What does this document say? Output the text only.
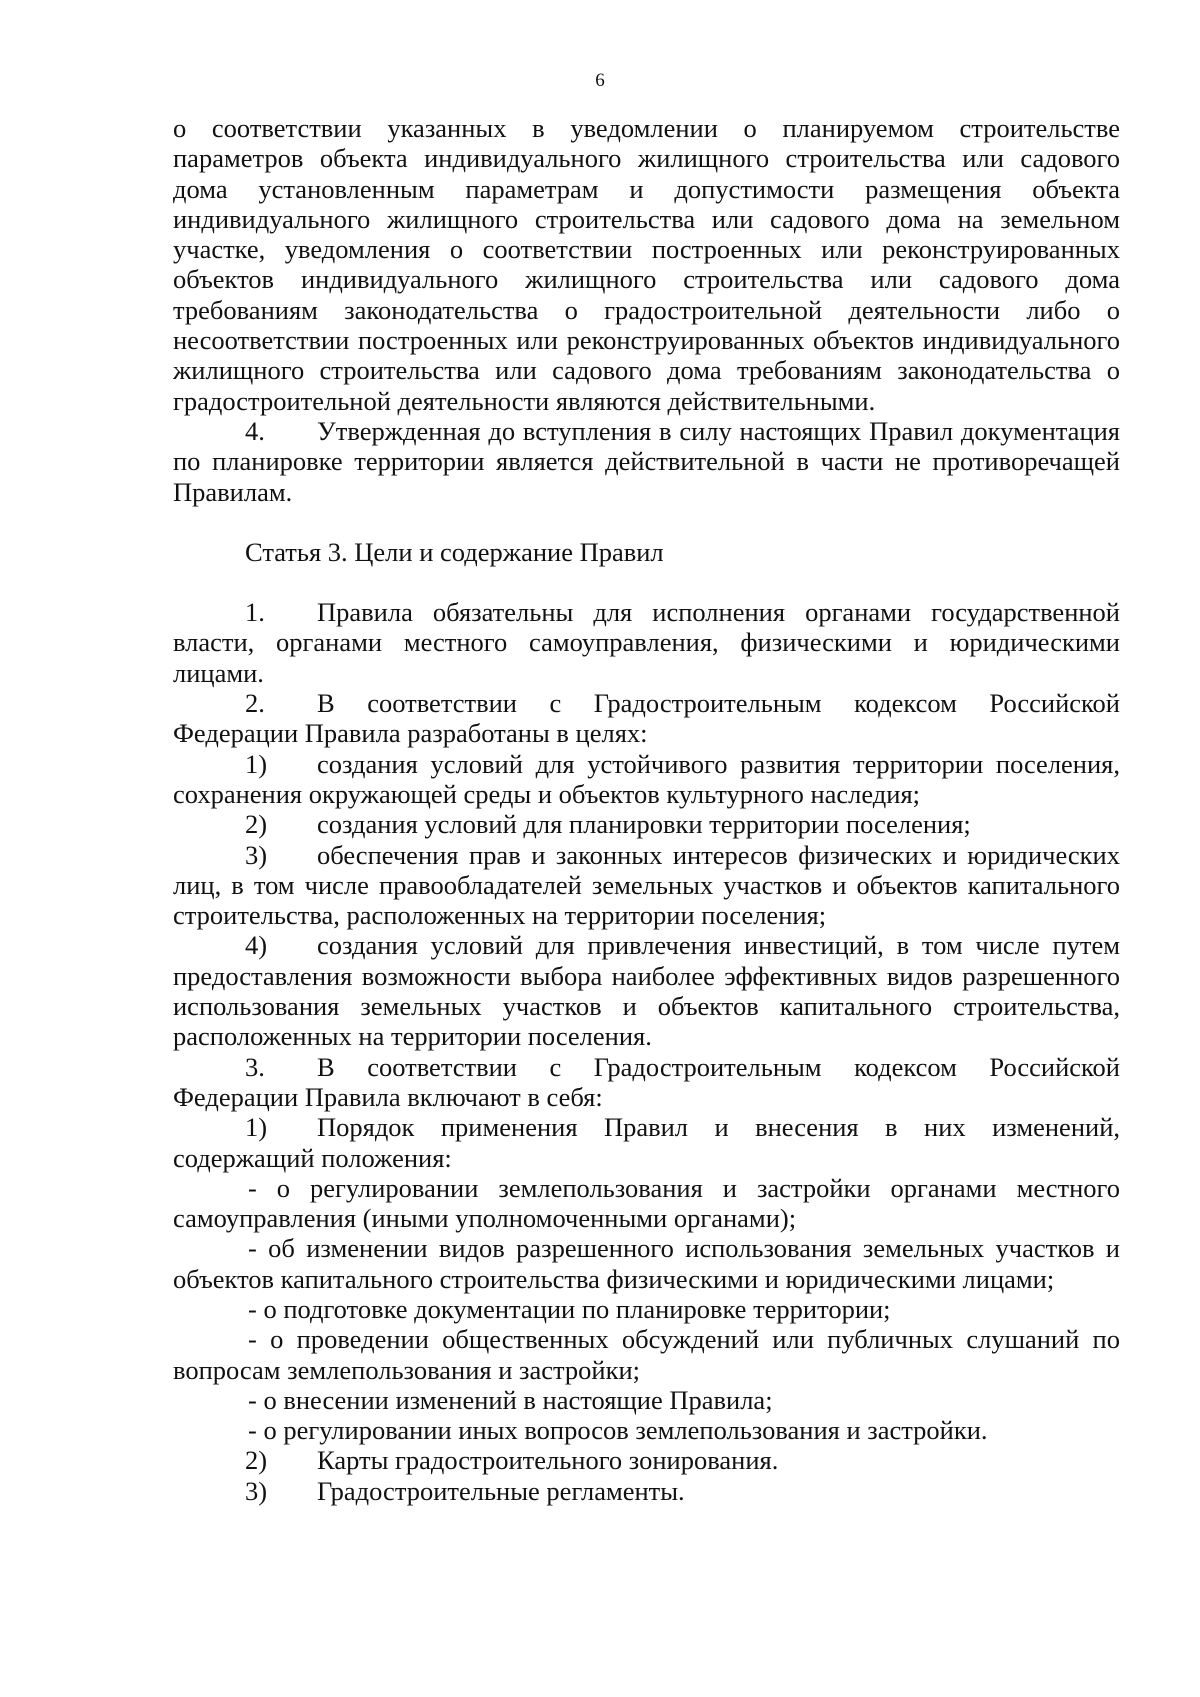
6

о соответствии указанных в уведомлении о планируемом строительстве параметров объекта индивидуального жилищного строительства или садового дома установленным параметрам и допустимости размещения объекта индивидуального жилищного строительства или садового дома на земельном участке, уведомления о соответствии построенных или реконструированных объектов индивидуального жилищного строительства или садового дома требованиям законодательства о градостроительной деятельности либо о несоответствии построенных или реконструированных объектов индивидуального жилищного строительства или садового дома требованиям законодательства о градостроительной деятельности являются действительными.

4. Утвержденная до вступления в силу настоящих Правил документация по планировке территории является действительной в части не противоречащей Правилам.

Статья 3. Цели и содержание Правил

1. Правила обязательны для исполнения органами государственной власти, органами местного самоуправления, физическими и юридическими лицами.

2. В соответствии с Градостроительным кодексом Российской Федерации Правила разработаны в целях:

1) создания условий для устойчивого развития территории поселения, сохранения окружающей среды и объектов культурного наследия;

2) создания условий для планировки территории поселения;

3) обеспечения прав и законных интересов физических и юридических лиц, в том числе правообладателей земельных участков и объектов капитального строительства, расположенных на территории поселения;

4) создания условий для привлечения инвестиций, в том числе путем предоставления возможности выбора наиболее эффективных видов разрешенного использования земельных участков и объектов капитального строительства, расположенных на территории поселения.

3. В соответствии с Градостроительным кодексом Российской Федерации Правила включают в себя:

1) Порядок применения Правил и внесения в них изменений, содержащий положения:

- о регулировании землепользования и застройки органами местного самоуправления (иными уполномоченными органами);

- об изменении видов разрешенного использования земельных участков и объектов капитального строительства физическими и юридическими лицами;

- о подготовке документации по планировке территории;

- о проведении общественных обсуждений или публичных слушаний по вопросам землепользования и застройки;

- о внесении изменений в настоящие Правила;

- о регулировании иных вопросов землепользования и застройки.

2) Карты градостроительного зонирования.

3) Градостроительные регламенты.
